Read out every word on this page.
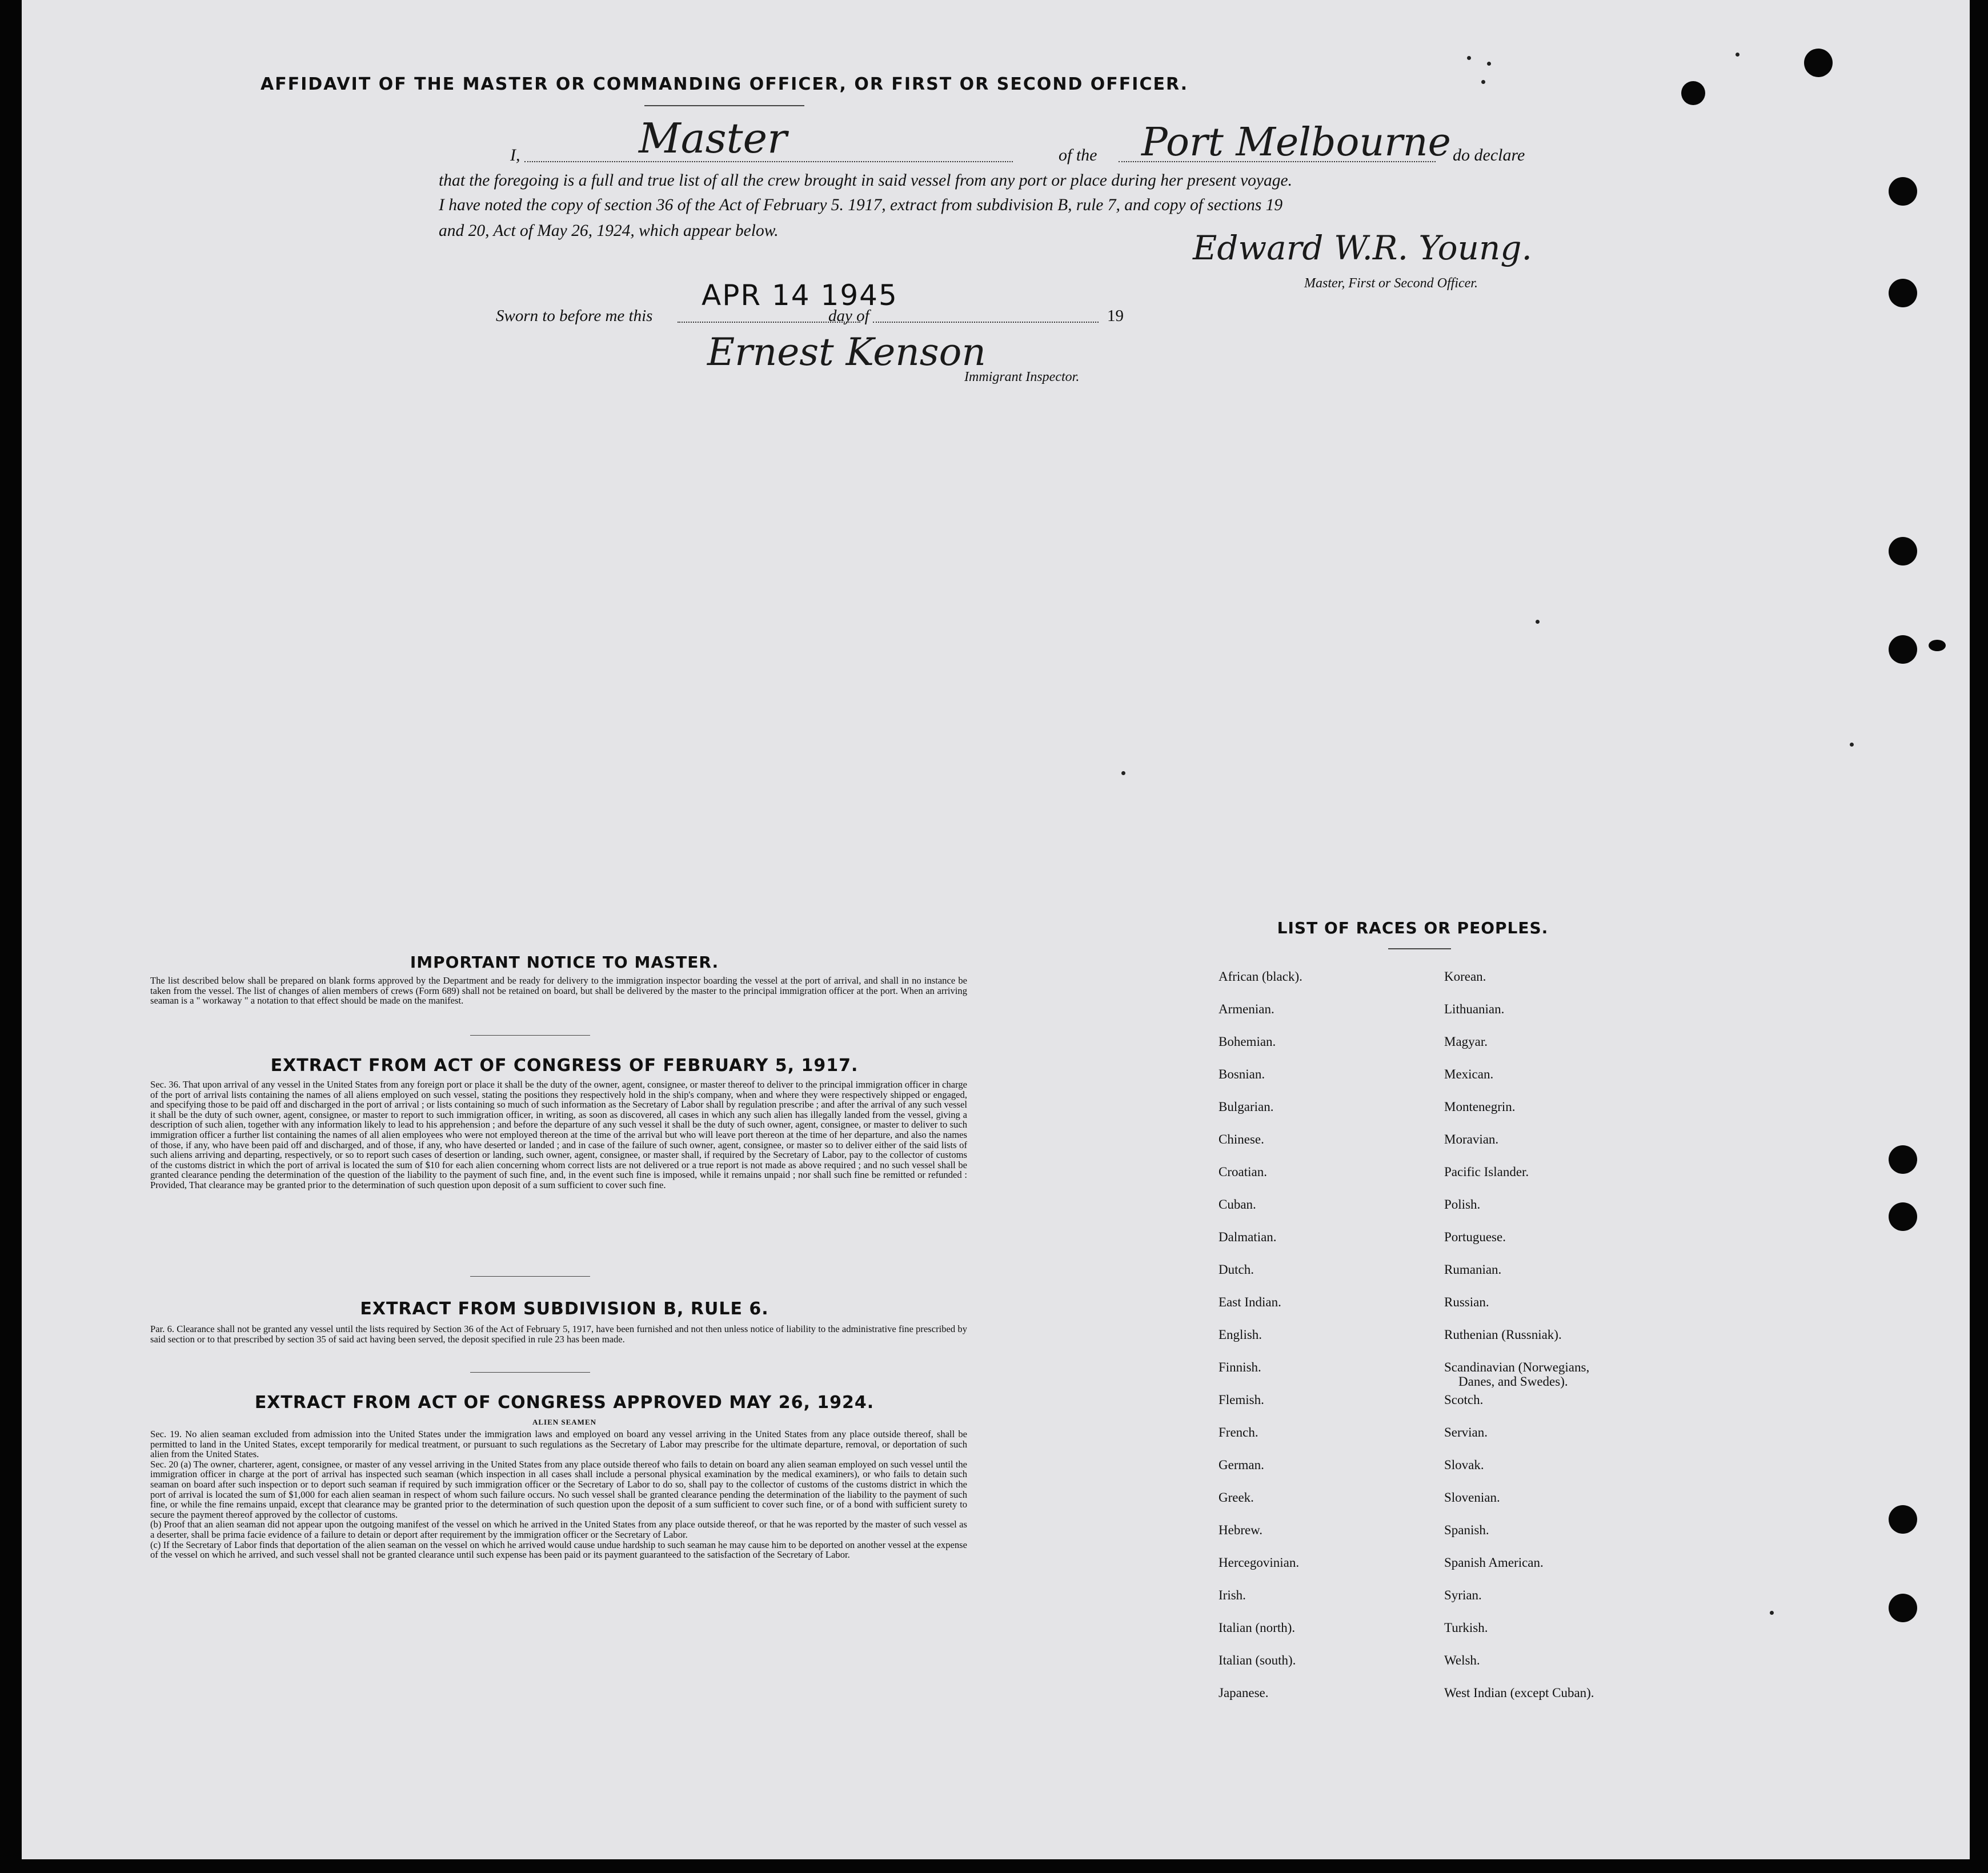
AFFIDAVIT OF THE MASTER OR COMMANDING OFFICER, OR FIRST OR SECOND OFFICER.
I,	Master	of the Port Melbourne do declare
that the foregoing is a full and true list of all the crew brought in said vessel from any port or place during her present voyage.
I have noted the copy of section 36 of the Act of February 5. 1917, extract from subdivision B, rule 7, and copy of sections 19
and 20, Act of May 26, 1924, which appear below.	Edward W.R. Young.
Master, First or Second Officer.
Sworn to before me this
APR 14 1945
day of	19
Ernest Kenson
Immigrant Inspector.
IMPORTANT NOTICE TO MASTER.

The list described below shall be prepared on blank forms approved by the Department and be ready for delivery to the immigration inspector boarding the vessel at the port of arrival, and shall in no instance be taken from the vessel. The list of changes of alien members of crews (Form 689) shall not be retained on board, but shall be delivered by the master to the principal immigration officer at the port. When an arriving seaman is a " workaway " a notation to that effect should be made on the manifest.

EXTRACT FROM ACT OF CONGRESS OF FEBRUARY 5, 1917.

Sec. 36. That upon arrival of any vessel in the United States from any foreign port or place it shall be the duty of the owner, agent, consignee, or master thereof to deliver to the principal immigration officer in charge of the port of arrival lists containing the names of all aliens employed on such vessel, stating the positions they respectively hold in the ship's company, when and where they were respectively shipped or engaged, and specifying those to be paid off and discharged in the port of arrival ; or lists containing so much of such information as the Secretary of Labor shall by regulation prescribe ; and after the arrival of any such vessel it shall be the duty of such owner, agent, consignee, or master to report to such immigration officer, in writing, as soon as discovered, all cases in which any such alien has illegally landed from the vessel, giving a description of such alien, together with any information likely to lead to his apprehension ; and before the departure of any such vessel it shall be the duty of such owner, agent, consignee, or master to deliver to such immigration officer a further list containing the names of all alien employees who were not employed thereon at the time of the arrival but who will leave port thereon at the time of her departure, and also the names of those, if any, who have been paid off and discharged, and of those, if any, who have deserted or landed ; and in case of the failure of such owner, agent, consignee, or master so to deliver either of the said lists of such aliens arriving and departing, respectively, or so to report such cases of desertion or landing, such owner, agent, consignee, or master shall, if required by the Secretary of Labor, pay to the collector of customs of the customs district in which the port of arrival is located the sum of $10 for each alien concerning whom correct lists are not delivered or a true report is not made as above required ; and no such vessel shall be granted clearance pending the determination of the question of the liability to the payment of such fine, and, in the event such fine is imposed, while it remains unpaid ; nor shall such fine be remitted or refunded : Provided, That clearance may be granted prior to the determination of such question upon deposit of a sum sufficient to cover such fine.

EXTRACT FROM SUBDIVISION B, RULE 6.

Par. 6. Clearance shall not be granted any vessel until the lists required by Section 36 of the Act of February 5, 1917, have been furnished and not then unless notice of liability to the administrative fine prescribed by said section or to that prescribed by section 35 of said act having been served, the deposit specified in rule 23 has been made.

EXTRACT FROM ACT OF CONGRESS APPROVED MAY 26, 1924.
ALIEN SEAMEN

Sec. 19. No alien seaman excluded from admission into the United States under the immigration laws and employed on board any vessel arriving in the United States from any place outside thereof, shall be permitted to land in the United States, except temporarily for medical treatment, or pursuant to such regulations as the Secretary of Labor may prescribe for the ultimate departure, removal, or deportation of such alien from the United States.

Sec. 20 (a) The owner, charterer, agent, consignee, or master of any vessel arriving in the United States from any place outside thereof who fails to detain on board any alien seaman employed on such vessel until the immigration officer in charge at the port of arrival has inspected such seaman (which inspection in all cases shall include a personal physical examination by the medical examiners), or who fails to detain such seaman on board after such inspection or to deport such seaman if required by such immigration officer or the Secretary of Labor to do so, shall pay to the collector of customs of the customs district in which the port of arrival is located the sum of $1,000 for each alien seaman in respect of whom such failure occurs. No such vessel shall be granted clearance pending the determination of the liability to the payment of such fine, or while the fine remains unpaid, except that clearance may be granted prior to the determination of such question upon the deposit of a sum sufficient to cover such fine, or of a bond with sufficient surety to secure the payment thereof approved by the collector of customs.

(b) Proof that an alien seaman did not appear upon the outgoing manifest of the vessel on which he arrived in the United States from any place outside thereof, or that he was reported by the master of such vessel as a deserter, shall be prima facie evidence of a failure to detain or deport after requirement by the immigration officer or the Secretary of Labor.

(c) If the Secretary of Labor finds that deportation of the alien seaman on the vessel on which he arrived would cause undue hardship to such seaman he may cause him to be deported on another vessel at the expense of the vessel on which he arrived, and such vessel shall not be granted clearance until such expense has been paid or its payment guaranteed to the satisfaction of the Secretary of Labor.

LIST OF RACES OR PEOPLES.
African (black).
Armenian.
Bohemian.
Bosnian.
Bulgarian.
Chinese.
Croatian.
Cuban.
Dalmatian.
Dutch.
East Indian.
English.
Finnish.
Flemish.
French.
German.
Greek.
Hebrew.
Hercegovinian.
Irish.
Italian (north).
Italian (south).
Japanese.
Korean.
Lithuanian.
Magyar.
Mexican.
Montenegrin.
Moravian.
Pacific Islander.
Polish.
Portuguese.
Rumanian.
Russian.
Ruthenian (Russniak).
Scandinavian (Norwegians,
Danes, and Swedes).
Scotch.
Servian.
Slovak.
Slovenian.
Spanish.
Spanish American.
Syrian.
Turkish.
Welsh.
West Indian (except Cuban).
